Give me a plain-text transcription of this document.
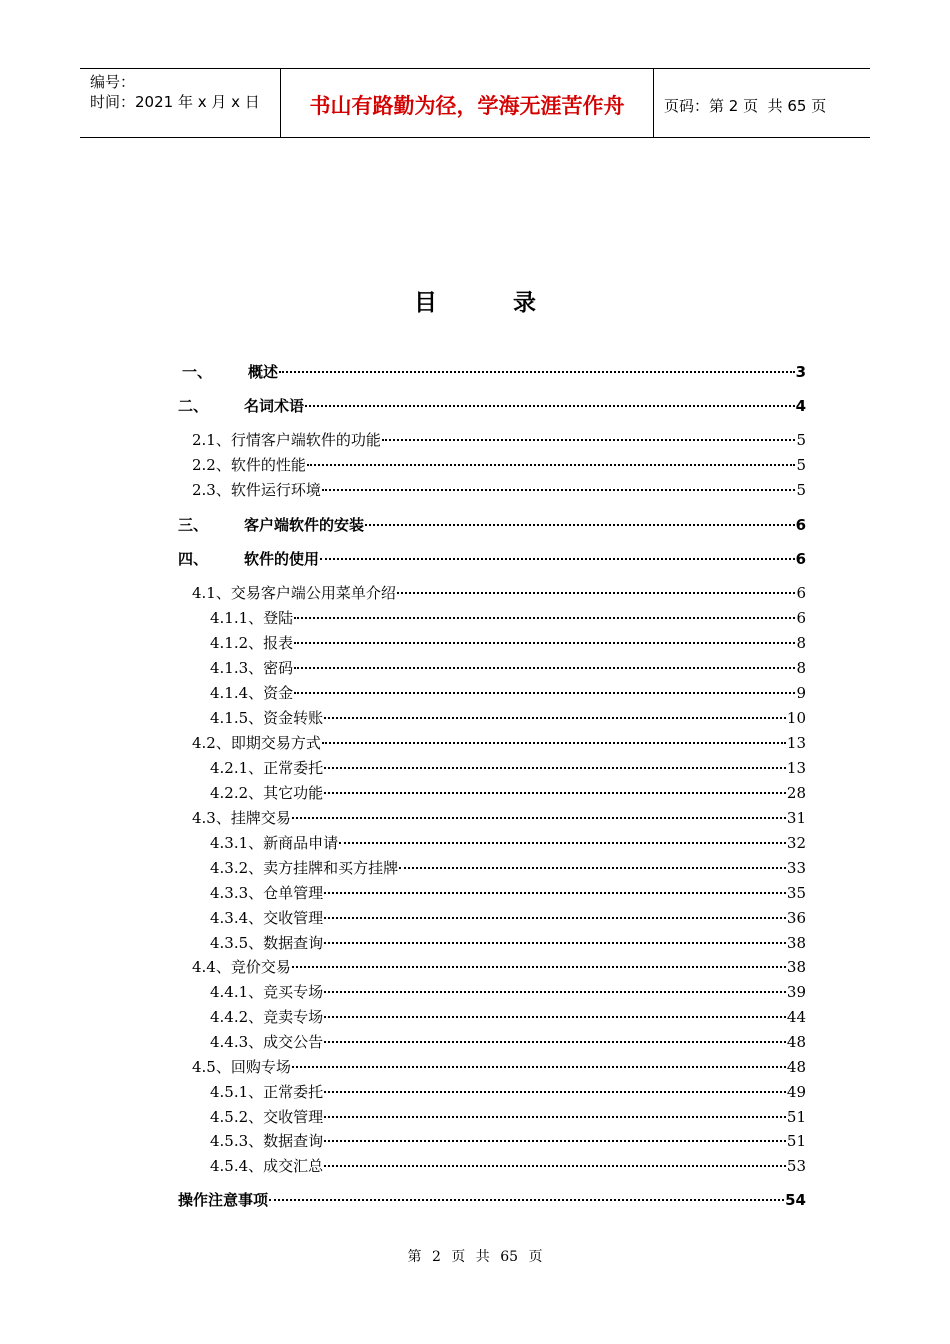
编号：
时间：2021 年 x 月 x 日	书山有路勤为径，学海无涯苦作舟	页码：第 2 页  共 65 页
目 录
一、 概述	3
二、 名词术语	4
2.1、行情客户端软件的功能	5
2.2、软件的性能	5
2.3、软件运行环境	5
三、 客户端软件的安装	6
四、 软件的使用	6
4.1、交易客户端公用菜单介绍	6
4.1.1、登陆	6
4.1.2、报表	8
4.1.3、密码	8
4.1.4、资金	9
4.1.5、资金转账	10
4.2、即期交易方式	13
4.2.1、正常委托	13
4.2.2、其它功能	28
4.3、挂牌交易	31
4.3.1、新商品申请	32
4.3.2、卖方挂牌和买方挂牌	33
4.3.3、仓单管理	35
4.3.4、交收管理	36
4.3.5、数据查询	38
4.4、竞价交易	38
4.4.1、竞买专场	39
4.4.2、竞卖专场	44
4.4.3、成交公告	48
4.5、回购专场	48
4.5.1、正常委托	49
4.5.2、交收管理	51
4.5.3、数据查询	51
4.5.4、成交汇总	53
操作注意事项	54
第 2 页 共 65 页
